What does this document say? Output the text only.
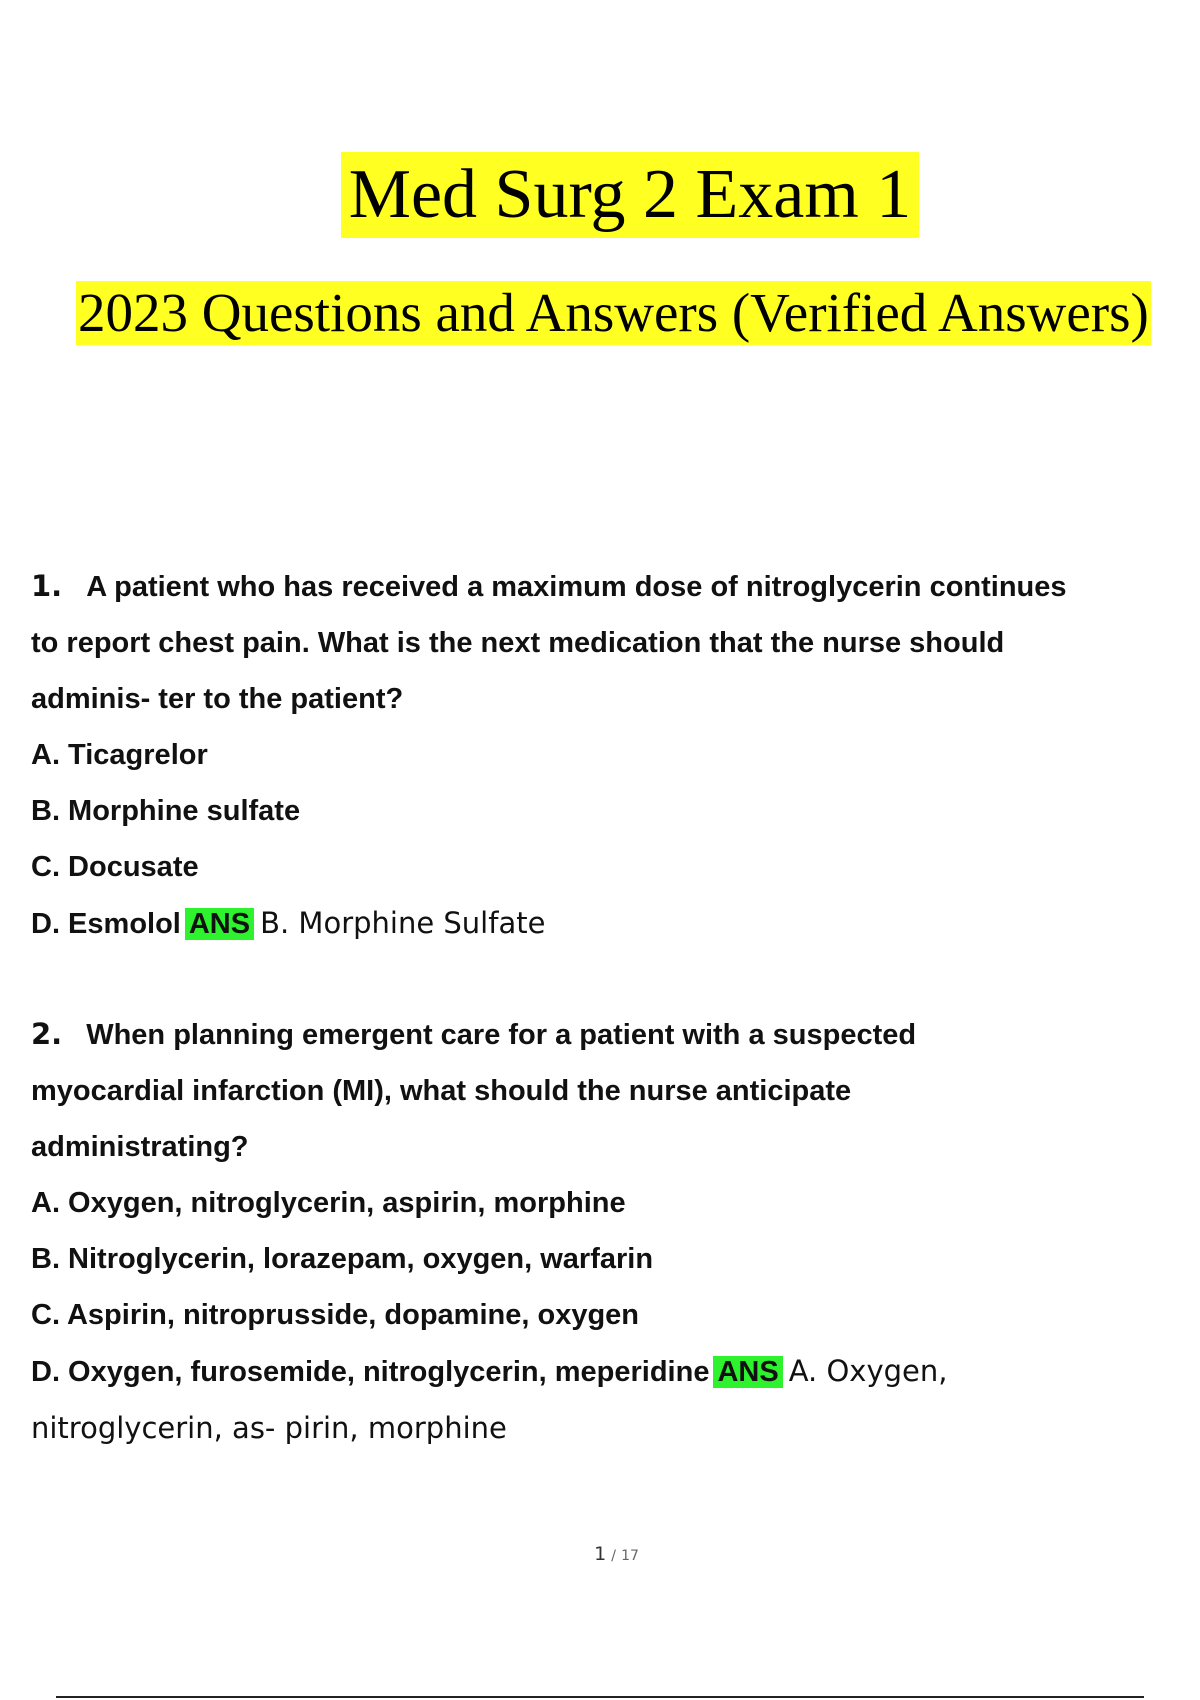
Med Surg 2 Exam 1
2023 Questions and Answers (Verified Answers)
1. A patient who has received a maximum dose of nitroglycerin continues
to report chest pain. What is the next medication that the nurse should
adminis- ter to the patient?
A. Ticagrelor
B. Morphine sulfate
C. Docusate
D. Esmolol ANS B. Morphine Sulfate
2. When planning emergent care for a patient with a suspected
myocardial infarction (MI), what should the nurse anticipate
administrating?
A. Oxygen, nitroglycerin, aspirin, morphine
B. Nitroglycerin, lorazepam, oxygen, warfarin
C. Aspirin, nitroprusside, dopamine, oxygen
D. Oxygen, furosemide, nitroglycerin, meperidine ANS A. Oxygen,
nitroglycerin, as- pirin, morphine
1 / 17
